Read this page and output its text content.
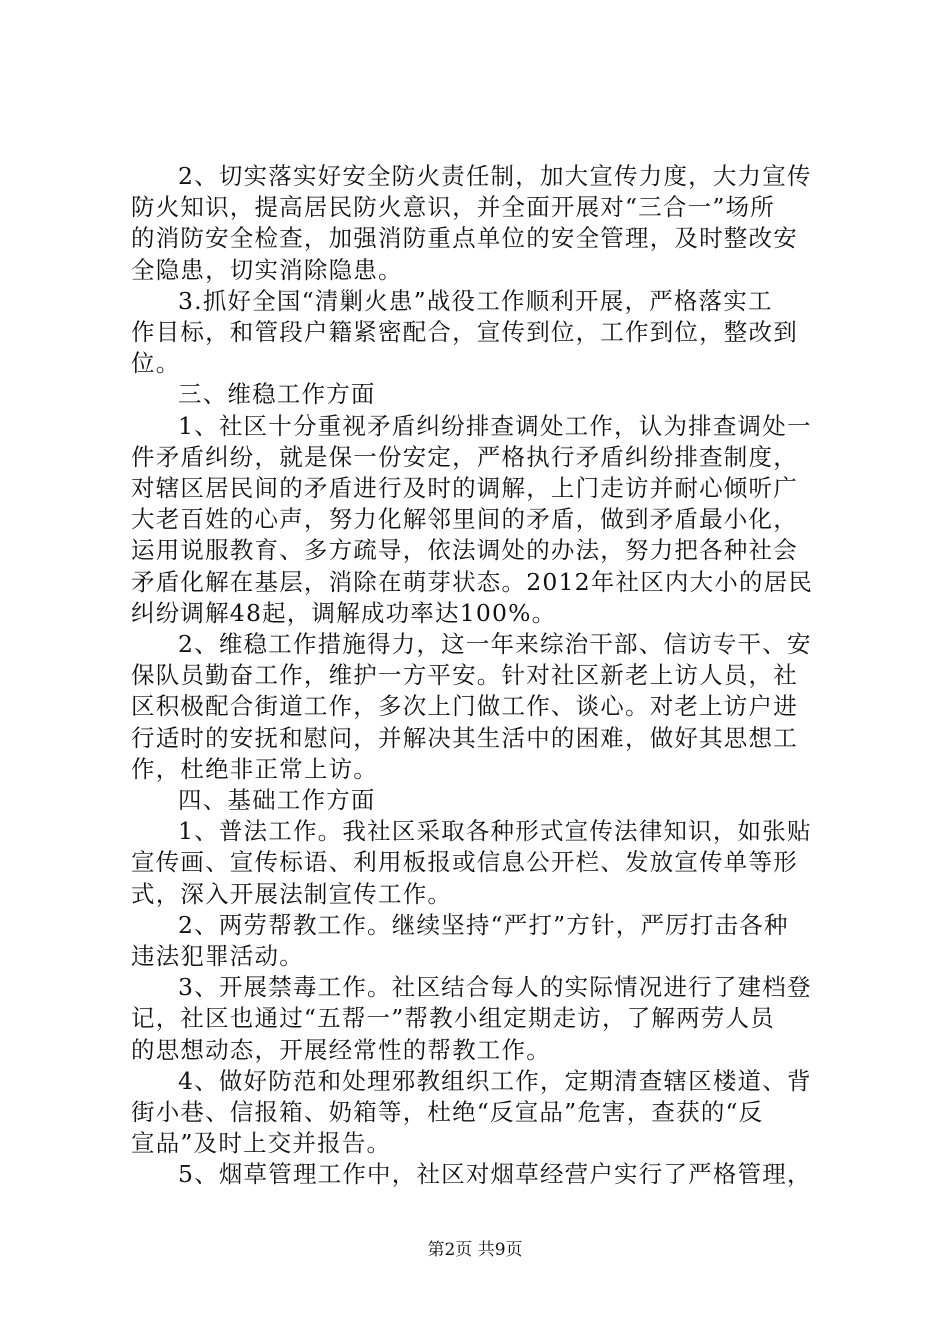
2、切实落实好安全防火责任制，加大宣传力度，大力宣传
防火知识，提高居民防火意识，并全面开展对“三合一”场所
的消防安全检查，加强消防重点单位的安全管理，及时整改安
全隐患，切实消除隐患。
3.抓好全国“清剿火患”战役工作顺利开展，严格落实工
作目标，和管段户籍紧密配合，宣传到位，工作到位，整改到
位。
三、维稳工作方面
1、社区十分重视矛盾纠纷排查调处工作，认为排查调处一
件矛盾纠纷，就是保一份安定，严格执行矛盾纠纷排查制度，
对辖区居民间的矛盾进行及时的调解，上门走访并耐心倾听广
大老百姓的心声，努力化解邻里间的矛盾，做到矛盾最小化，
运用说服教育、多方疏导，依法调处的办法，努力把各种社会
矛盾化解在基层，消除在萌芽状态。2012年社区内大小的居民
纠纷调解48起，调解成功率达100%。
2、维稳工作措施得力，这一年来综治干部、信访专干、安
保队员勤奋工作，维护一方平安。针对社区新老上访人员，社
区积极配合街道工作，多次上门做工作、谈心。对老上访户进
行适时的安抚和慰问，并解决其生活中的困难，做好其思想工
作，杜绝非正常上访。
四、基础工作方面
1、普法工作。我社区采取各种形式宣传法律知识，如张贴
宣传画、宣传标语、利用板报或信息公开栏、发放宣传单等形
式，深入开展法制宣传工作。
2、两劳帮教工作。继续坚持“严打”方针，严厉打击各种
违法犯罪活动。
3、开展禁毒工作。社区结合每人的实际情况进行了建档登
记，社区也通过“五帮一”帮教小组定期走访，了解两劳人员
的思想动态，开展经常性的帮教工作。
4、做好防范和处理邪教组织工作，定期清查辖区楼道、背
街小巷、信报箱、奶箱等，杜绝“反宣品”危害，查获的“反
宣品”及时上交并报告。
5、烟草管理工作中，社区对烟草经营户实行了严格管理，
第2页 共9页
